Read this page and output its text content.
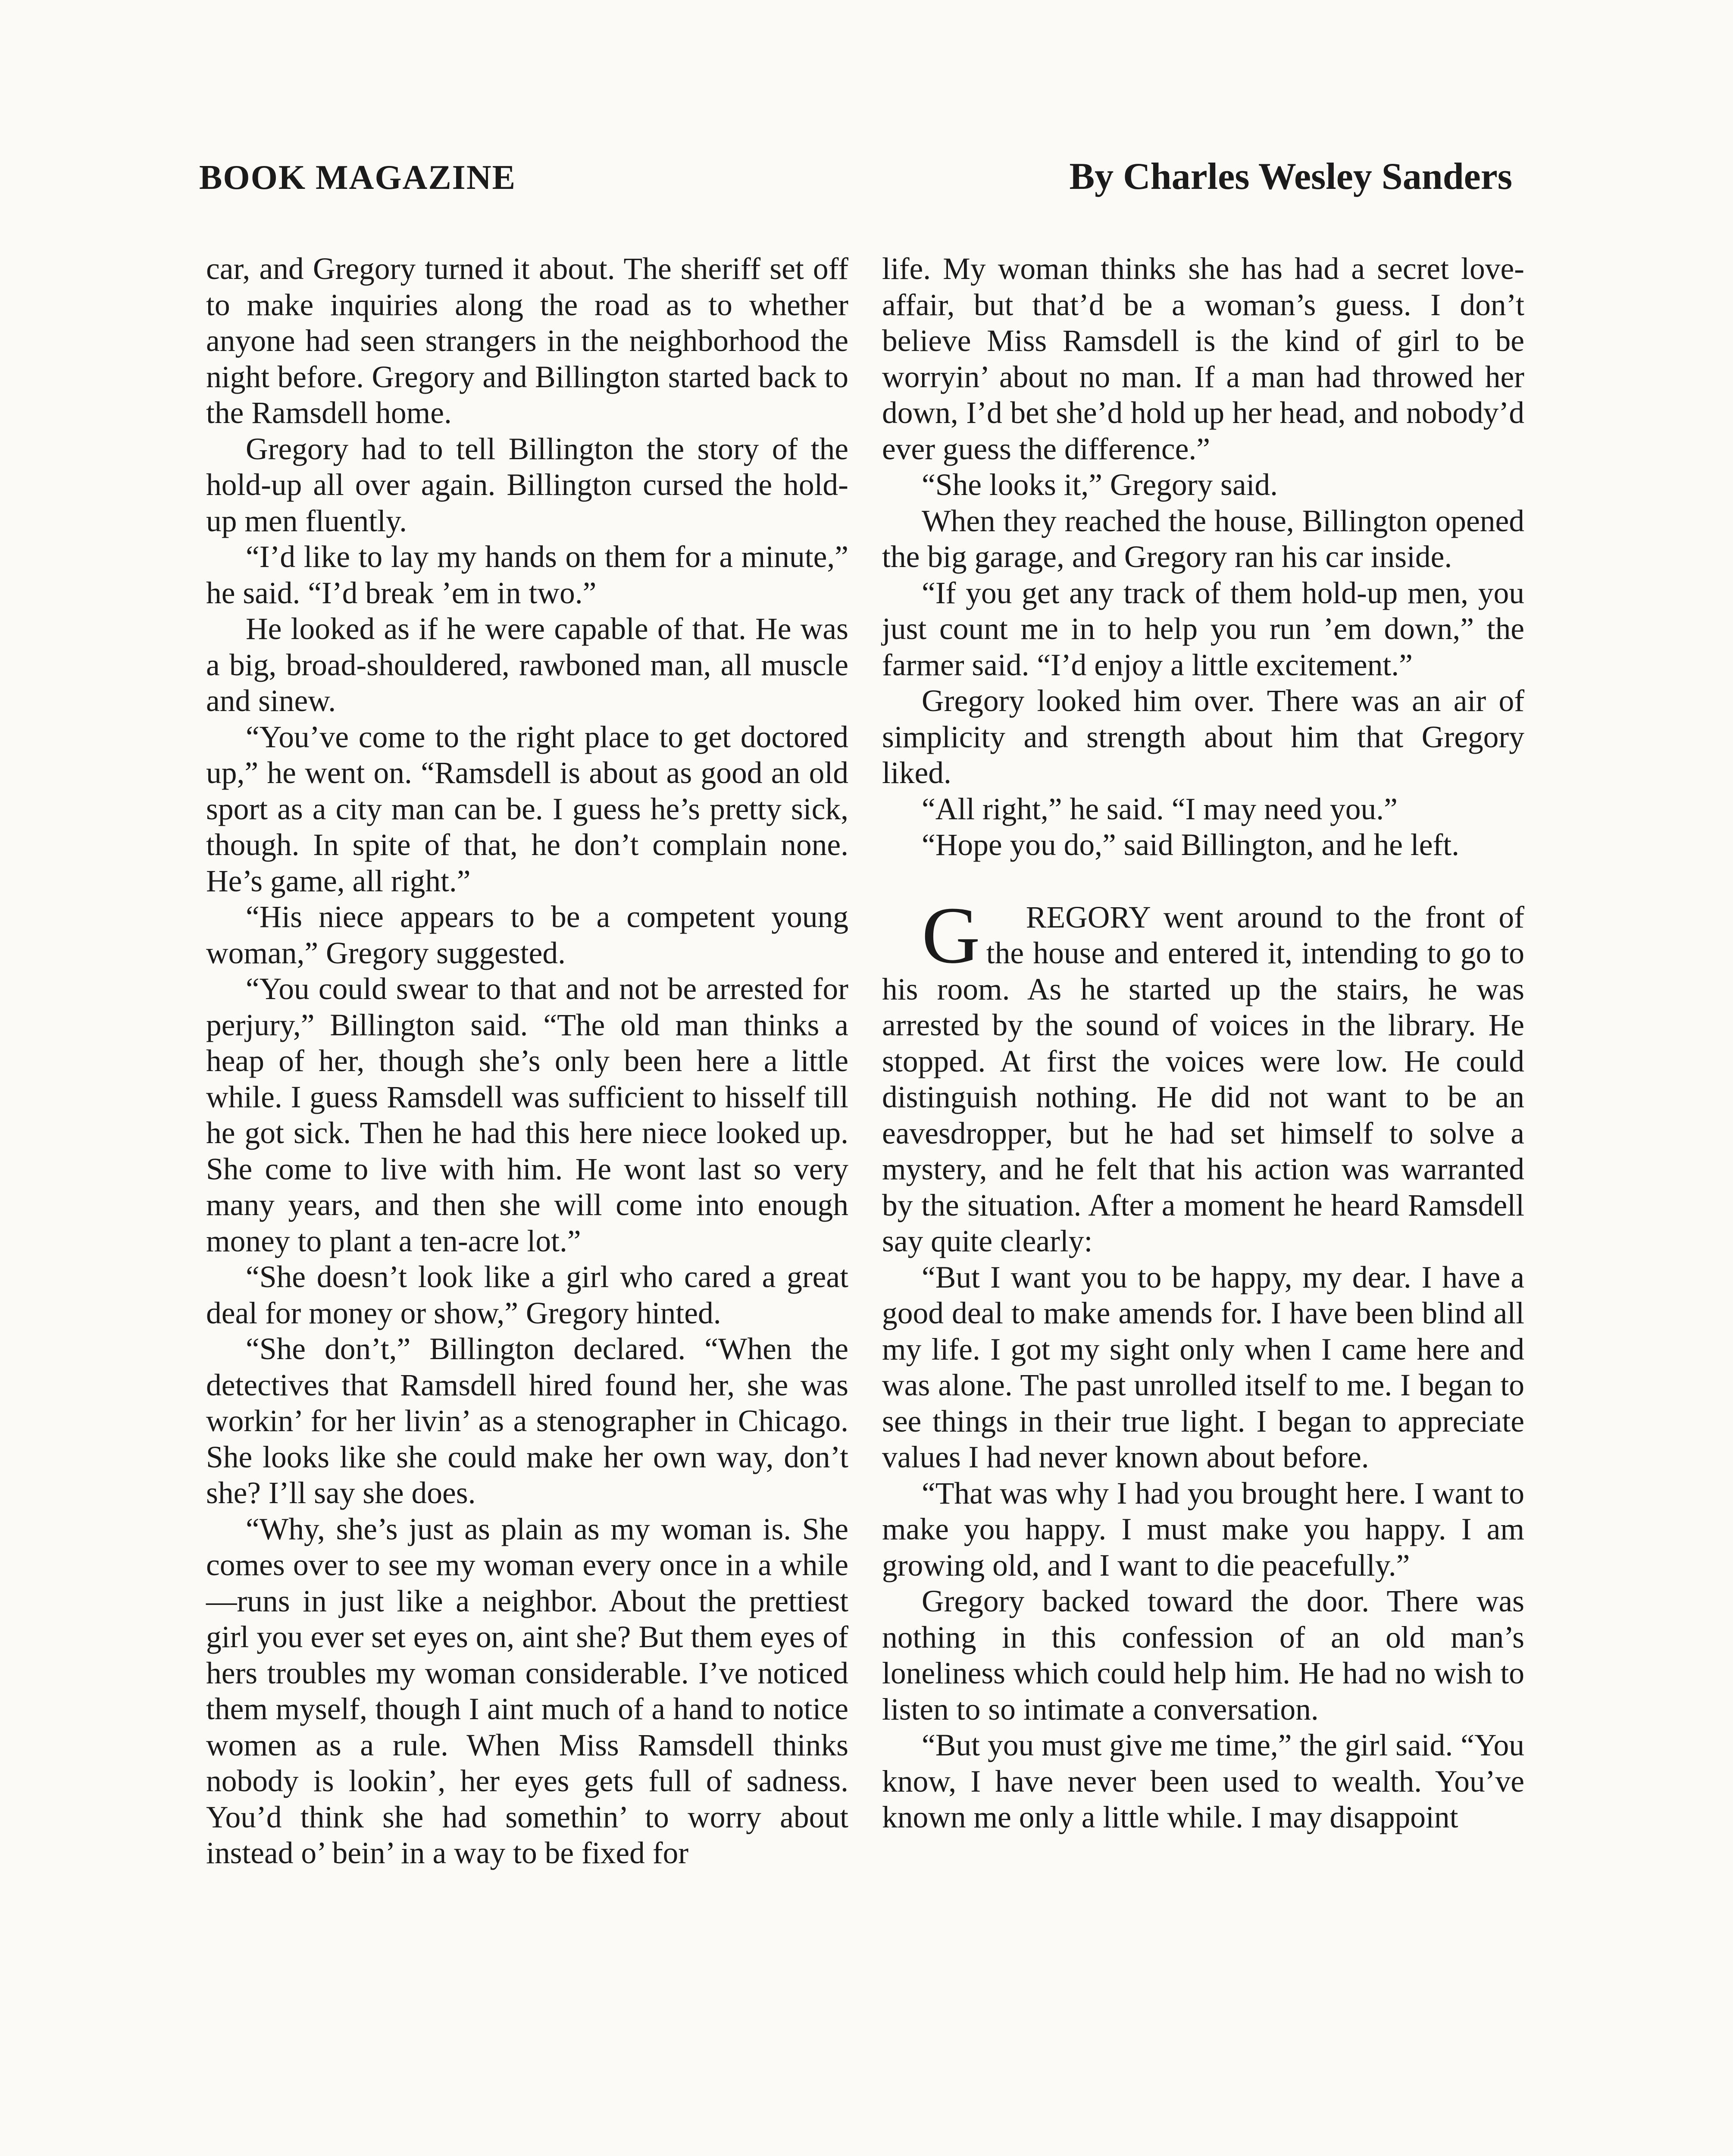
BOOK MAGAZINE	By Charles Wesley Sanders

car, and Gregory turned it about. The sheriff set off to make inquiries along the road as to whether anyone had seen strangers in the neighborhood the night before. Gregory and Billington started back to the Ramsdell home.

Gregory had to tell Billington the story of the hold-up all over again. Billington cursed the hold-up men fluently.

“I’d like to lay my hands on them for a minute,” he said. “I’d break ’em in two.”

He looked as if he were capable of that. He was a big, broad-shouldered, rawboned man, all muscle and sinew.

“You’ve come to the right place to get doctored up,” he went on. “Ramsdell is about as good an old sport as a city man can be. I guess he’s pretty sick, though. In spite of that, he don’t complain none. He’s game, all right.”

“His niece appears to be a competent young woman,” Gregory suggested.

“You could swear to that and not be arrested for perjury,” Billington said. “The old man thinks a heap of her, though she’s only been here a little while. I guess Ramsdell was sufficient to hisself till he got sick. Then he had this here niece looked up. She come to live with him. He wont last so very many years, and then she will come into enough money to plant a ten-acre lot.”

“She doesn’t look like a girl who cared a great deal for money or show,” Gregory hinted.

“She don’t,” Billington declared. “When the detectives that Ramsdell hired found her, she was workin’ for her livin’ as a stenographer in Chicago. She looks like she could make her own way, don’t she? I’ll say she does.

“Why, she’s just as plain as my woman is. She comes over to see my woman every once in a while—runs in just like a neighbor. About the prettiest girl you ever set eyes on, aint she? But them eyes of hers troubles my woman considerable. I’ve noticed them myself, though I aint much of a hand to notice women as a rule. When Miss Ramsdell thinks nobody is lookin’, her eyes gets full of sadness. You’d think she had somethin’ to worry about instead o’ bein’ in a way to be fixed for

life. My woman thinks she has had a secret love-affair, but that’d be a woman’s guess. I don’t believe Miss Ramsdell is the kind of girl to be worryin’ about no man. If a man had throwed her down, I’d bet she’d hold up her head, and nobody’d ever guess the difference.”

“She looks it,” Gregory said.

When they reached the house, Billington opened the big garage, and Gregory ran his car inside.

“If you get any track of them hold-up men, you just count me in to help you run ’em down,” the farmer said. “I’d enjoy a little excitement.”

Gregory looked him over. There was an air of simplicity and strength about him that Gregory liked.

“All right,” he said. “I may need you.”

“Hope you do,” said Billington, and he left.

G REGORY went around to the front of the house and entered it, intending to go to his room. As he started up the stairs, he was arrested by the sound of voices in the library. He stopped. At first the voices were low. He could distinguish nothing. He did not want to be an eavesdropper, but he had set himself to solve a mystery, and he felt that his action was warranted by the situation. After a moment he heard Ramsdell say quite clearly:

“But I want you to be happy, my dear. I have a good deal to make amends for. I have been blind all my life. I got my sight only when I came here and was alone. The past unrolled itself to me. I began to see things in their true light. I began to appreciate values I had never known about before.

“That was why I had you brought here. I want to make you happy. I must make you happy. I am growing old, and I want to die peacefully.”

Gregory backed toward the door. There was nothing in this confession of an old man’s loneliness which could help him. He had no wish to listen to so intimate a conversation.

“But you must give me time,” the girl said. “You know, I have never been used to wealth. You’ve known me only a little while. I may disappoint
